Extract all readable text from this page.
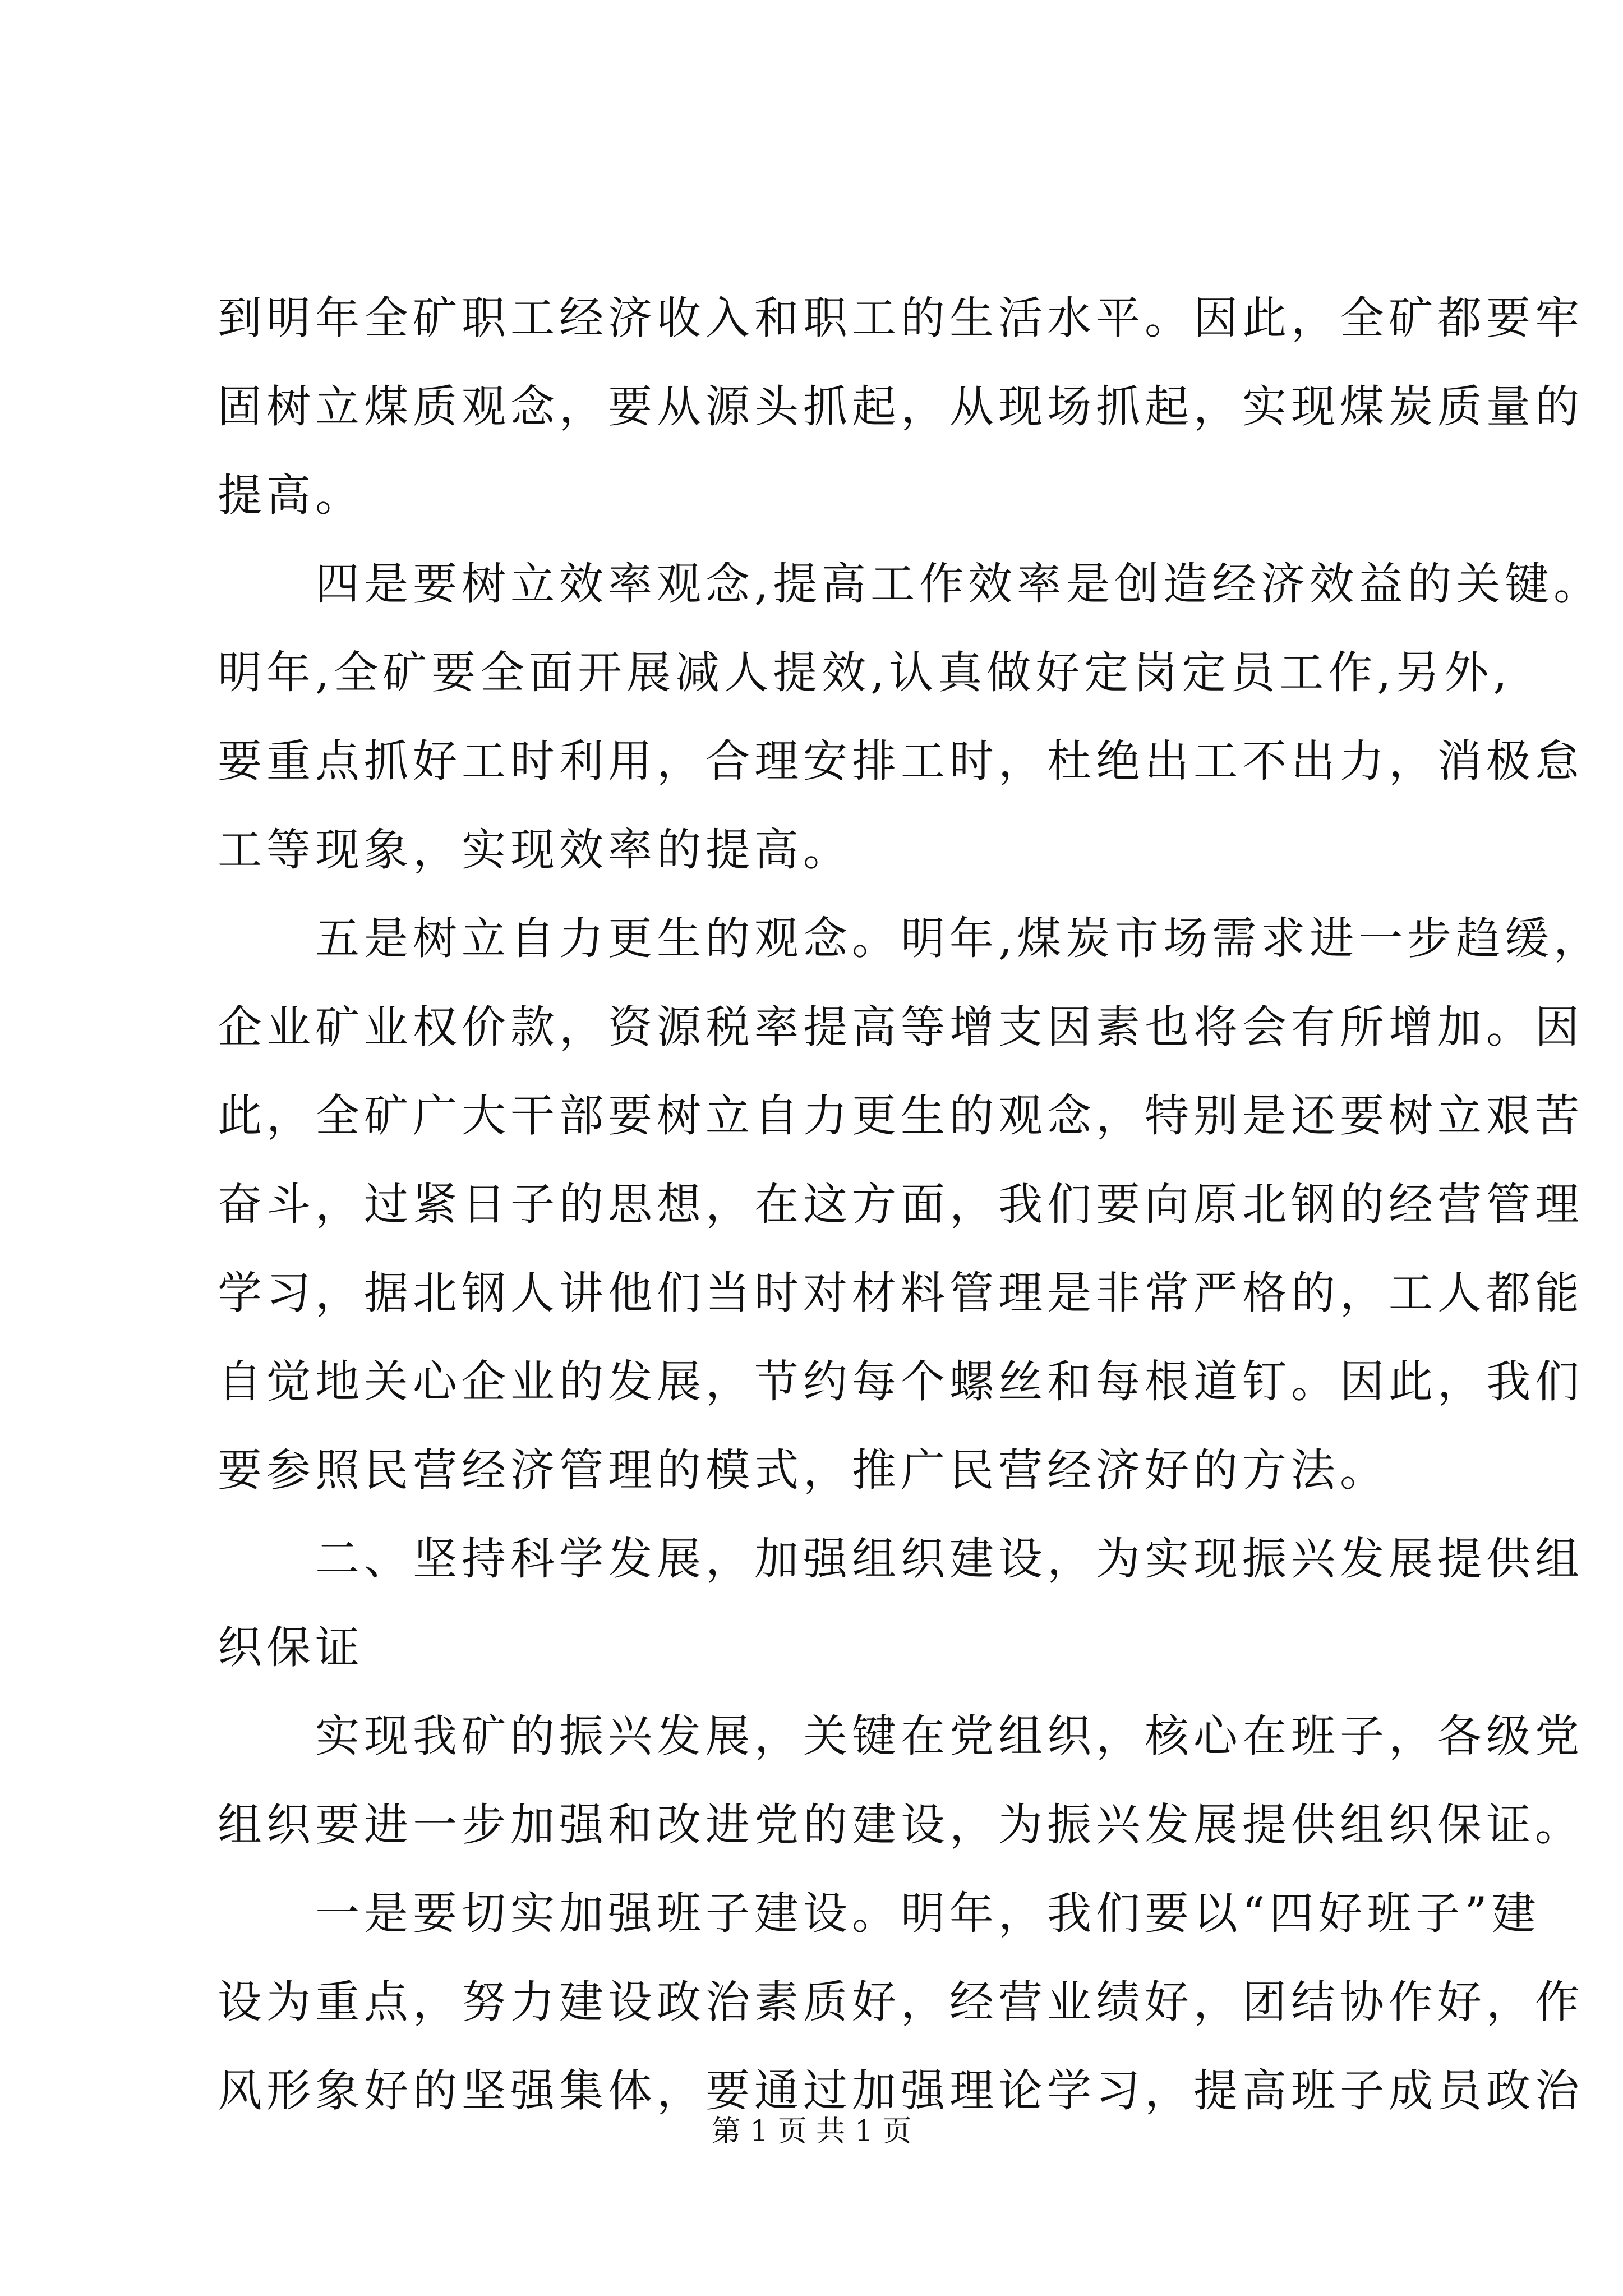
到明年全矿职工经济收入和职工的生活水平。因此，全矿都要牢
固树立煤质观念，要从源头抓起，从现场抓起，实现煤炭质量的
提高。
　　四是要树立效率观念,提高工作效率是创造经济效益的关键。
明年,全矿要全面开展减人提效,认真做好定岗定员工作,另外,
要重点抓好工时利用，合理安排工时，杜绝出工不出力，消极怠
工等现象，实现效率的提高。
　　五是树立自力更生的观念。明年,煤炭市场需求进一步趋缓，
企业矿业权价款，资源税率提高等增支因素也将会有所增加。因
此，全矿广大干部要树立自力更生的观念，特别是还要树立艰苦
奋斗，过紧日子的思想，在这方面，我们要向原北钢的经营管理
学习，据北钢人讲他们当时对材料管理是非常严格的，工人都能
自觉地关心企业的发展，节约每个螺丝和每根道钉。因此，我们
要参照民营经济管理的模式，推广民营经济好的方法。
　　二、坚持科学发展，加强组织建设，为实现振兴发展提供组
织保证
　　实现我矿的振兴发展，关键在党组织，核心在班子，各级党
组织要进一步加强和改进党的建设，为振兴发展提供组织保证。
　　一是要切实加强班子建设。明年，我们要以“四好班子”建
设为重点，努力建设政治素质好，经营业绩好，团结协作好，作
风形象好的坚强集体，要通过加强理论学习，提高班子成员政治
第 1 页 共 1 页
